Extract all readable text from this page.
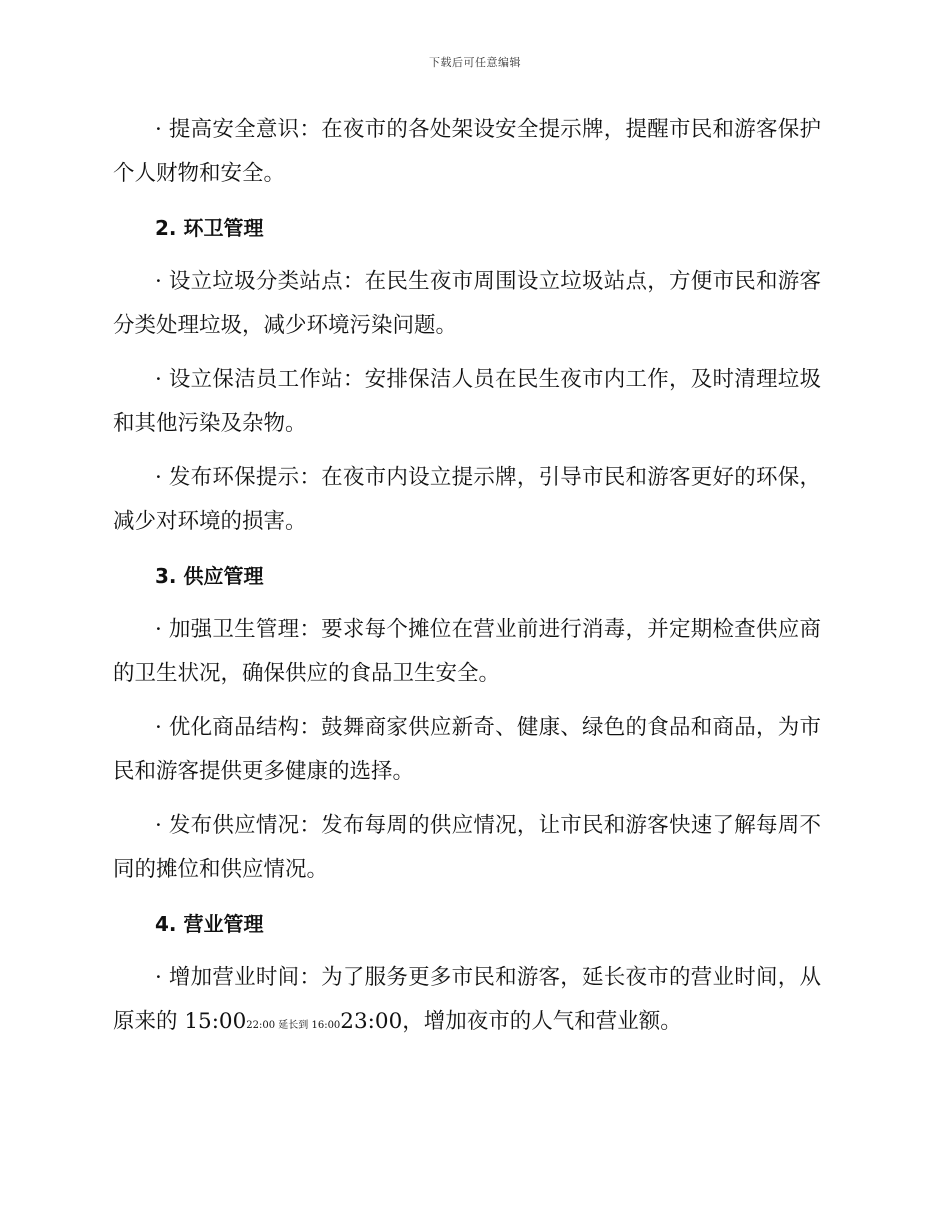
下载后可任意编辑

· 提高安全意识：在夜市的各处架设安全提示牌，提醒市民和游客保护个人财物和安全。

2. 环卫管理

· 设立垃圾分类站点：在民生夜市周围设立垃圾站点，方便市民和游客分类处理垃圾，减少环境污染问题。

· 设立保洁员工作站：安排保洁人员在民生夜市内工作，及时清理垃圾和其他污染及杂物。

· 发布环保提示：在夜市内设立提示牌，引导市民和游客更好的环保，减少对环境的损害。

3. 供应管理

· 加强卫生管理：要求每个摊位在营业前进行消毒，并定期检查供应商的卫生状况，确保供应的食品卫生安全。

· 优化商品结构：鼓舞商家供应新奇、健康、绿色的食品和商品，为市民和游客提供更多健康的选择。

· 发布供应情况：发布每周的供应情况，让市民和游客快速了解每周不同的摊位和供应情况。

4. 营业管理

· 增加营业时间：为了服务更多市民和游客，延长夜市的营业时间，从原来的 15:0022:00 延长到 16:0023:00，增加夜市的人气和营业额。
